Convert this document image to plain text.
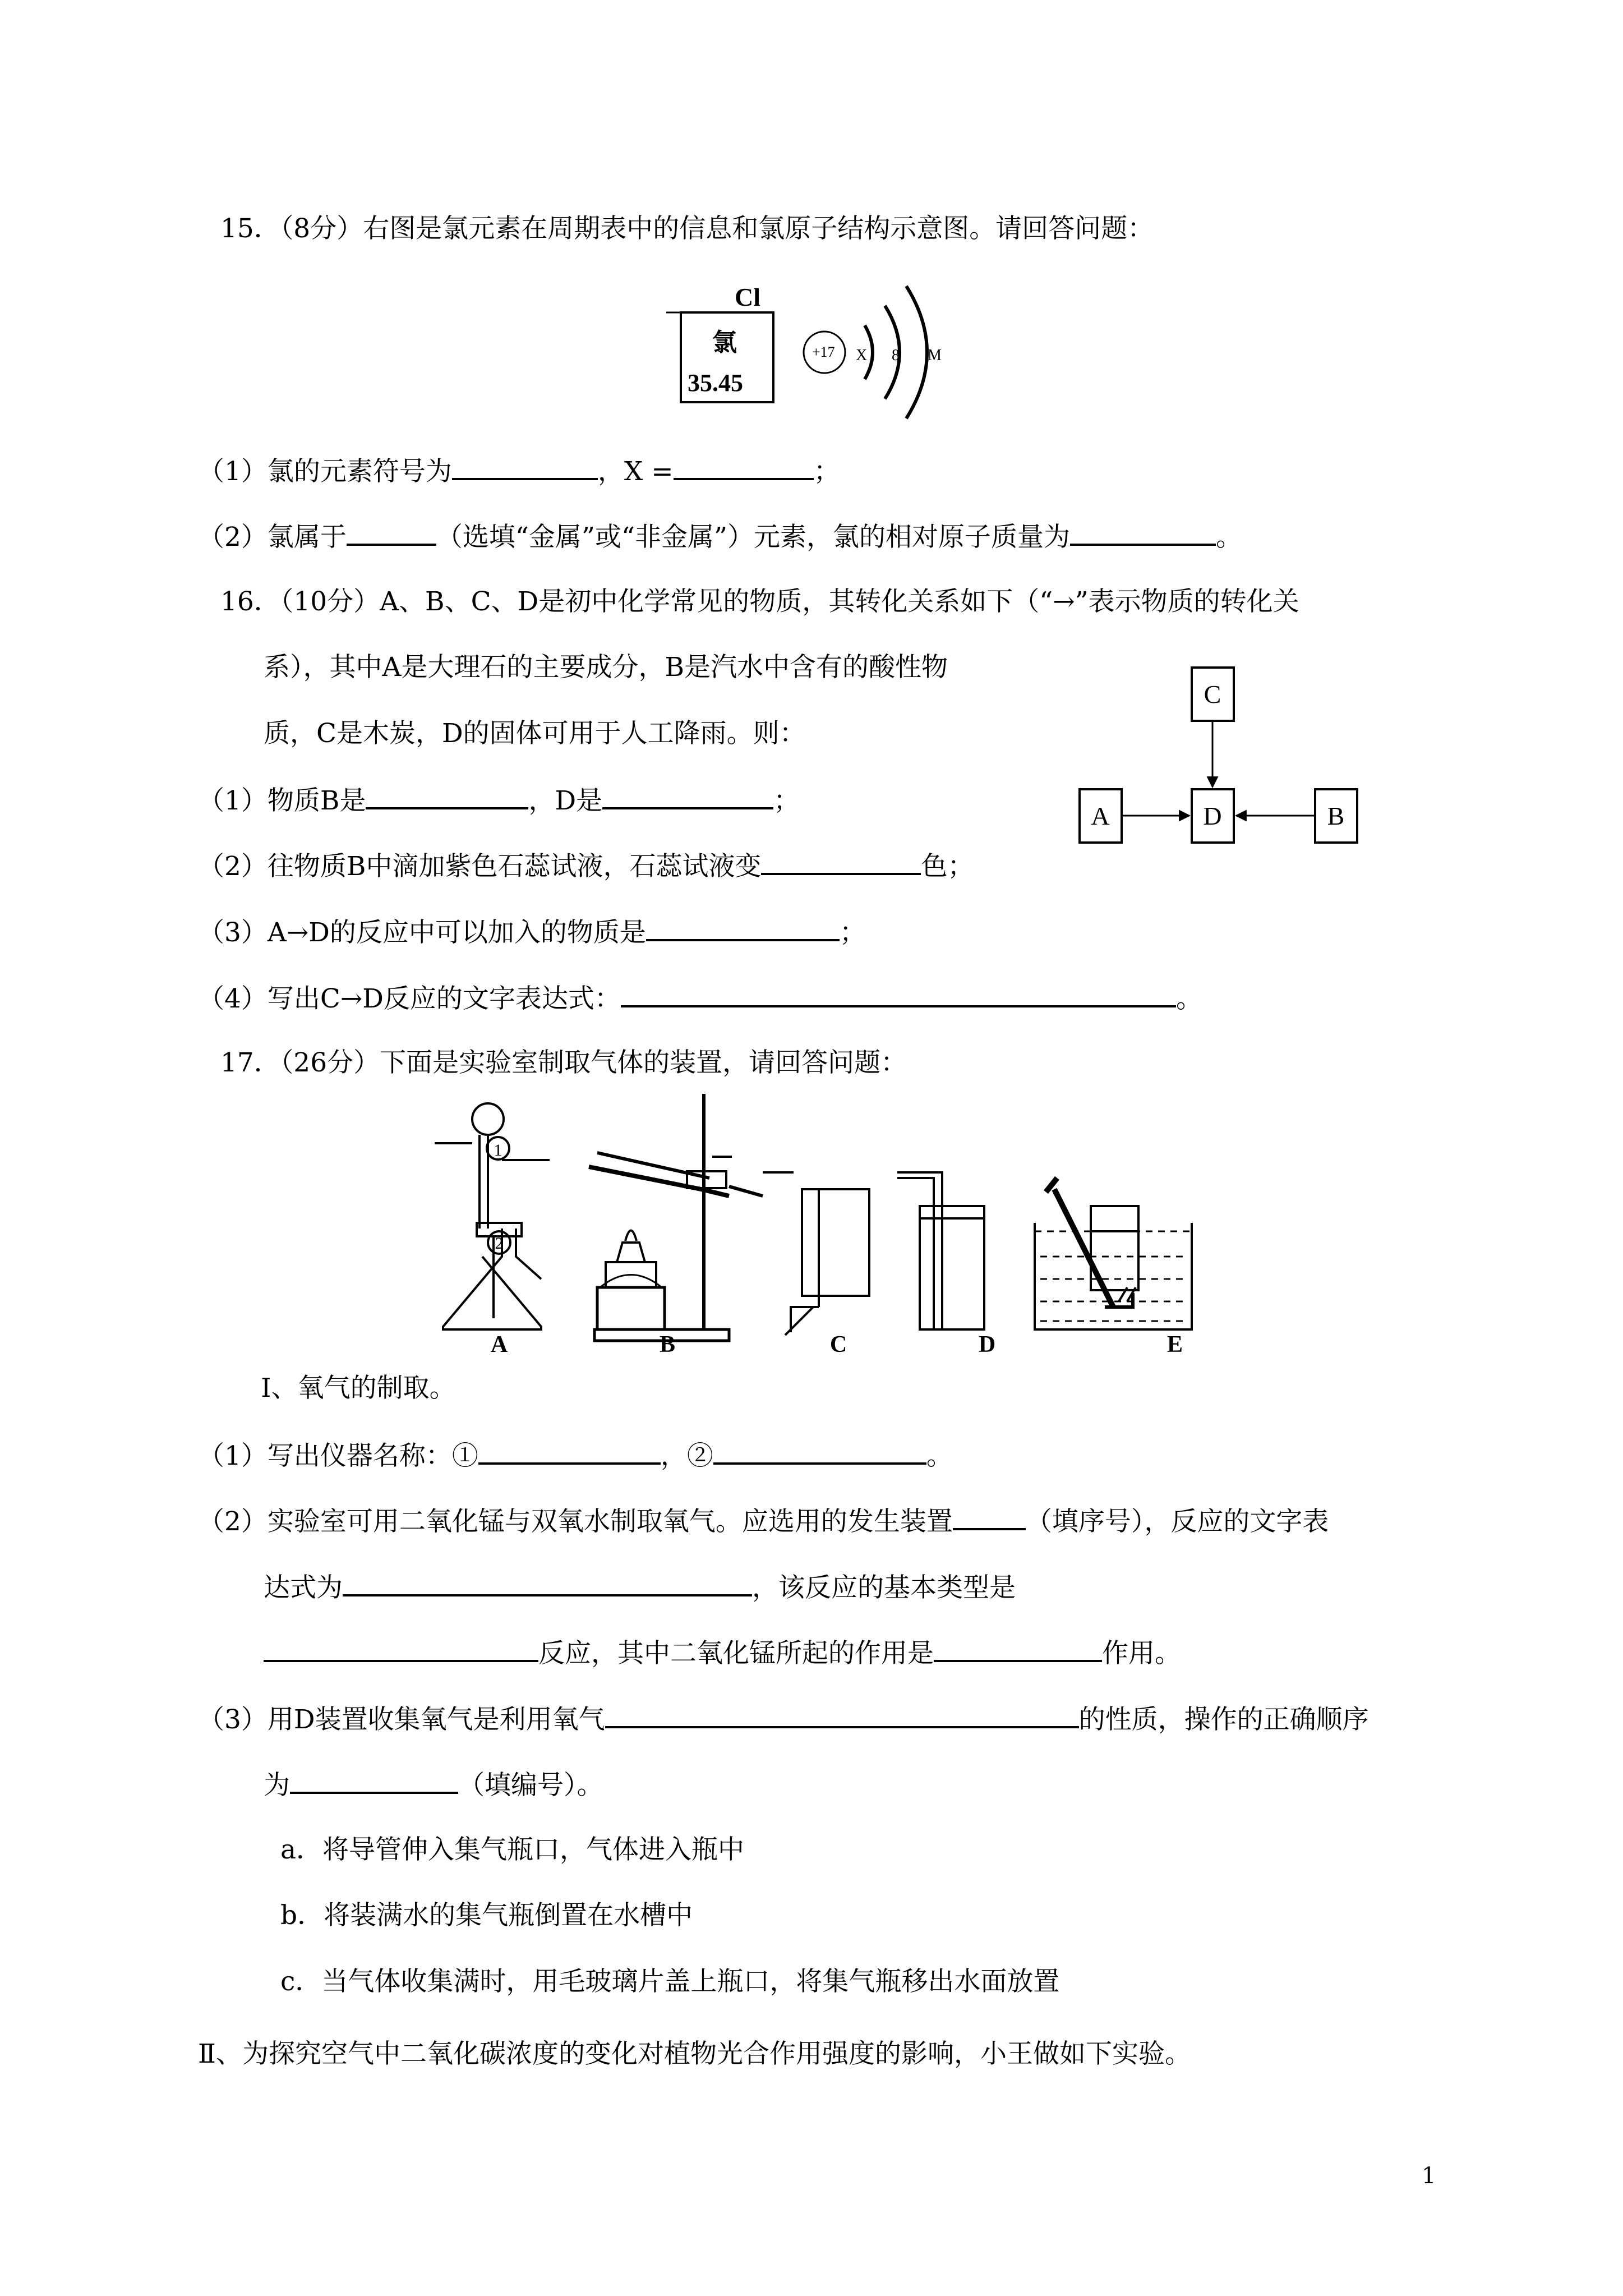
15．（8分）右图是氯元素在周期表中的信息和氯原子结构示意图。请回答问题：
Cl
氯
35.45
+17 X 8 M
（1）氯的元素符号为	，X =	；
（2）氯属于	（选填“金属”或“非金属”）元素，氯的相对原子质量为	。
16．（10分）A、B、C、D是初中化学常见的物质，其转化关系如下（“→”表示物质的转化关
系），其中A是大理石的主要成分，B是汽水中含有的酸性物
质，C是木炭，D的固体可用于人工降雨。则：
C
A	D	B
（1）物质B是	，D是	；
（2）往物质B中滴加紫色石蕊试液，石蕊试液变	色；
（3）A→D的反应中可以加入的物质是	；
（4）写出C→D反应的文字表达式：	。
17．（26分）下面是实验室制取气体的装置，请回答问题：
1
2
A	B	C	D	E
Ⅰ、氧气的制取。
（1）写出仪器名称：①	，②	。
（2）实验室可用二氧化锰与双氧水制取氧气。应选用的发生装置	（填序号），反应的文字表
达式为	，该反应的基本类型是
反应，其中二氧化锰所起的作用是	作用。
（3）用D装置收集氧气是利用氧气	的性质，操作的正确顺序
为	（填编号）。
a．将导管伸入集气瓶口，气体进入瓶中
b．将装满水的集气瓶倒置在水槽中
c．当气体收集满时，用毛玻璃片盖上瓶口，将集气瓶移出水面放置
Ⅱ、为探究空气中二氧化碳浓度的变化对植物光合作用强度的影响，小王做如下实验。
1
